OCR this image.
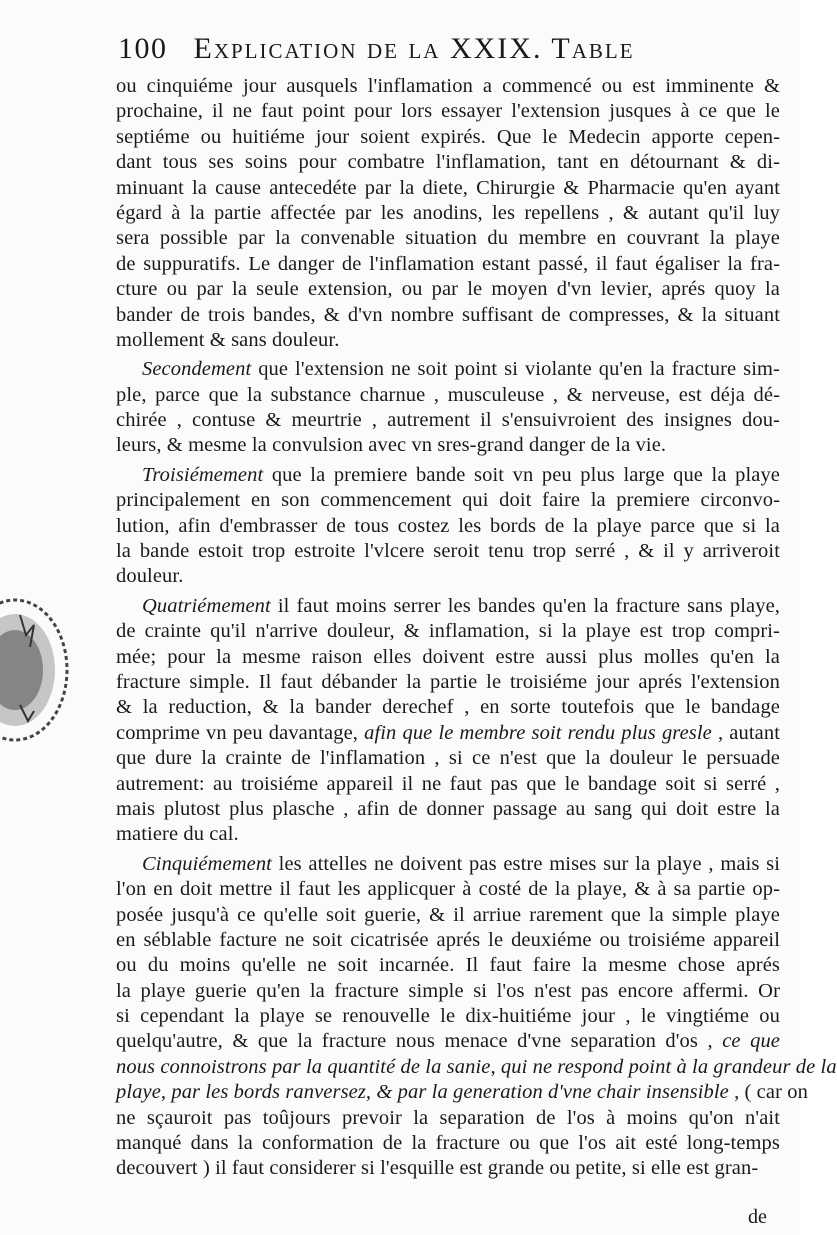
100 Explication de la XXIX. Table
ou cinquiéme jour ausquels l'inflamation a commencé ou est imminente &
prochaine, il ne faut point pour lors essayer l'extension jusques à ce que le
septiéme ou huitiéme jour soient expirés. Que le Medecin apporte cepen-
dant tous ses soins pour combatre l'inflamation, tant en détournant & di-
minuant la cause antecedéte par la diete, Chirurgie & Pharmacie qu'en ayant
égard à la partie affectée par les anodins, les repellens , & autant qu'il luy
sera possible par la convenable situation du membre en couvrant la playe
de suppuratifs. Le danger de l'inflamation estant passé, il faut égaliser la fra-
cture ou par la seule extension, ou par le moyen d'vn levier, aprés quoy la
bander de trois bandes, & d'vn nombre suffisant de compresses, & la situant
mollement & sans douleur.
Secondement que l'extension ne soit point si violante qu'en la fracture sim-
ple, parce que la substance charnue , musculeuse , & nerveuse, est déja dé-
chirée , contuse & meurtrie , autrement il s'ensuivroient des insignes dou-
leurs, & mesme la convulsion avec vn sres-grand danger de la vie.
Troisiémement que la premiere bande soit vn peu plus large que la playe
principalement en son commencement qui doit faire la premiere circonvo-
lution, afin d'embrasser de tous costez les bords de la playe parce que si la
la bande estoit trop estroite l'vlcere seroit tenu trop serré , & il y arriveroit
douleur.
Quatriémement il faut moins serrer les bandes qu'en la fracture sans playe,
de crainte qu'il n'arrive douleur, & inflamation, si la playe est trop compri-
mée; pour la mesme raison elles doivent estre aussi plus molles qu'en la
fracture simple. Il faut débander la partie le troisiéme jour aprés l'extension
& la reduction, & la bander derechef , en sorte toutefois que le bandage
comprime vn peu davantage, afin que le membre soit rendu plus gresle , autant
que dure la crainte de l'inflamation , si ce n'est que la douleur le persuade
autrement: au troisiéme appareil il ne faut pas que le bandage soit si serré ,
mais plutost plus plasche , afin de donner passage au sang qui doit estre la
matiere du cal.
Cinquiémement les attelles ne doivent pas estre mises sur la playe , mais si
l'on en doit mettre il faut les applicquer à costé de la playe, & à sa partie op-
posée jusqu'à ce qu'elle soit guerie, & il arriue rarement que la simple playe
en séblable facture ne soit cicatrisée aprés le deuxiéme ou troisiéme appareil
ou du moins qu'elle ne soit incarnée. Il faut faire la mesme chose aprés
la playe guerie qu'en la fracture simple si l'os n'est pas encore affermi. Or
si cependant la playe se renouvelle le dix-huitiéme jour , le vingtiéme ou
quelqu'autre, & que la fracture nous menace d'vne separation d'os , ce que
nous connoistrons par la quantité de la sanie, qui ne respond point à la grandeur de la
playe, par les bords ranversez, & par la generation d'vne chair insensible , ( car on
ne sçauroit pas toûjours prevoir la separation de l'os à moins qu'on n'ait
manqué dans la conformation de la fracture ou que l'os ait esté long-temps
decouvert ) il faut considerer si l'esquille est grande ou petite, si elle est gran-
de
